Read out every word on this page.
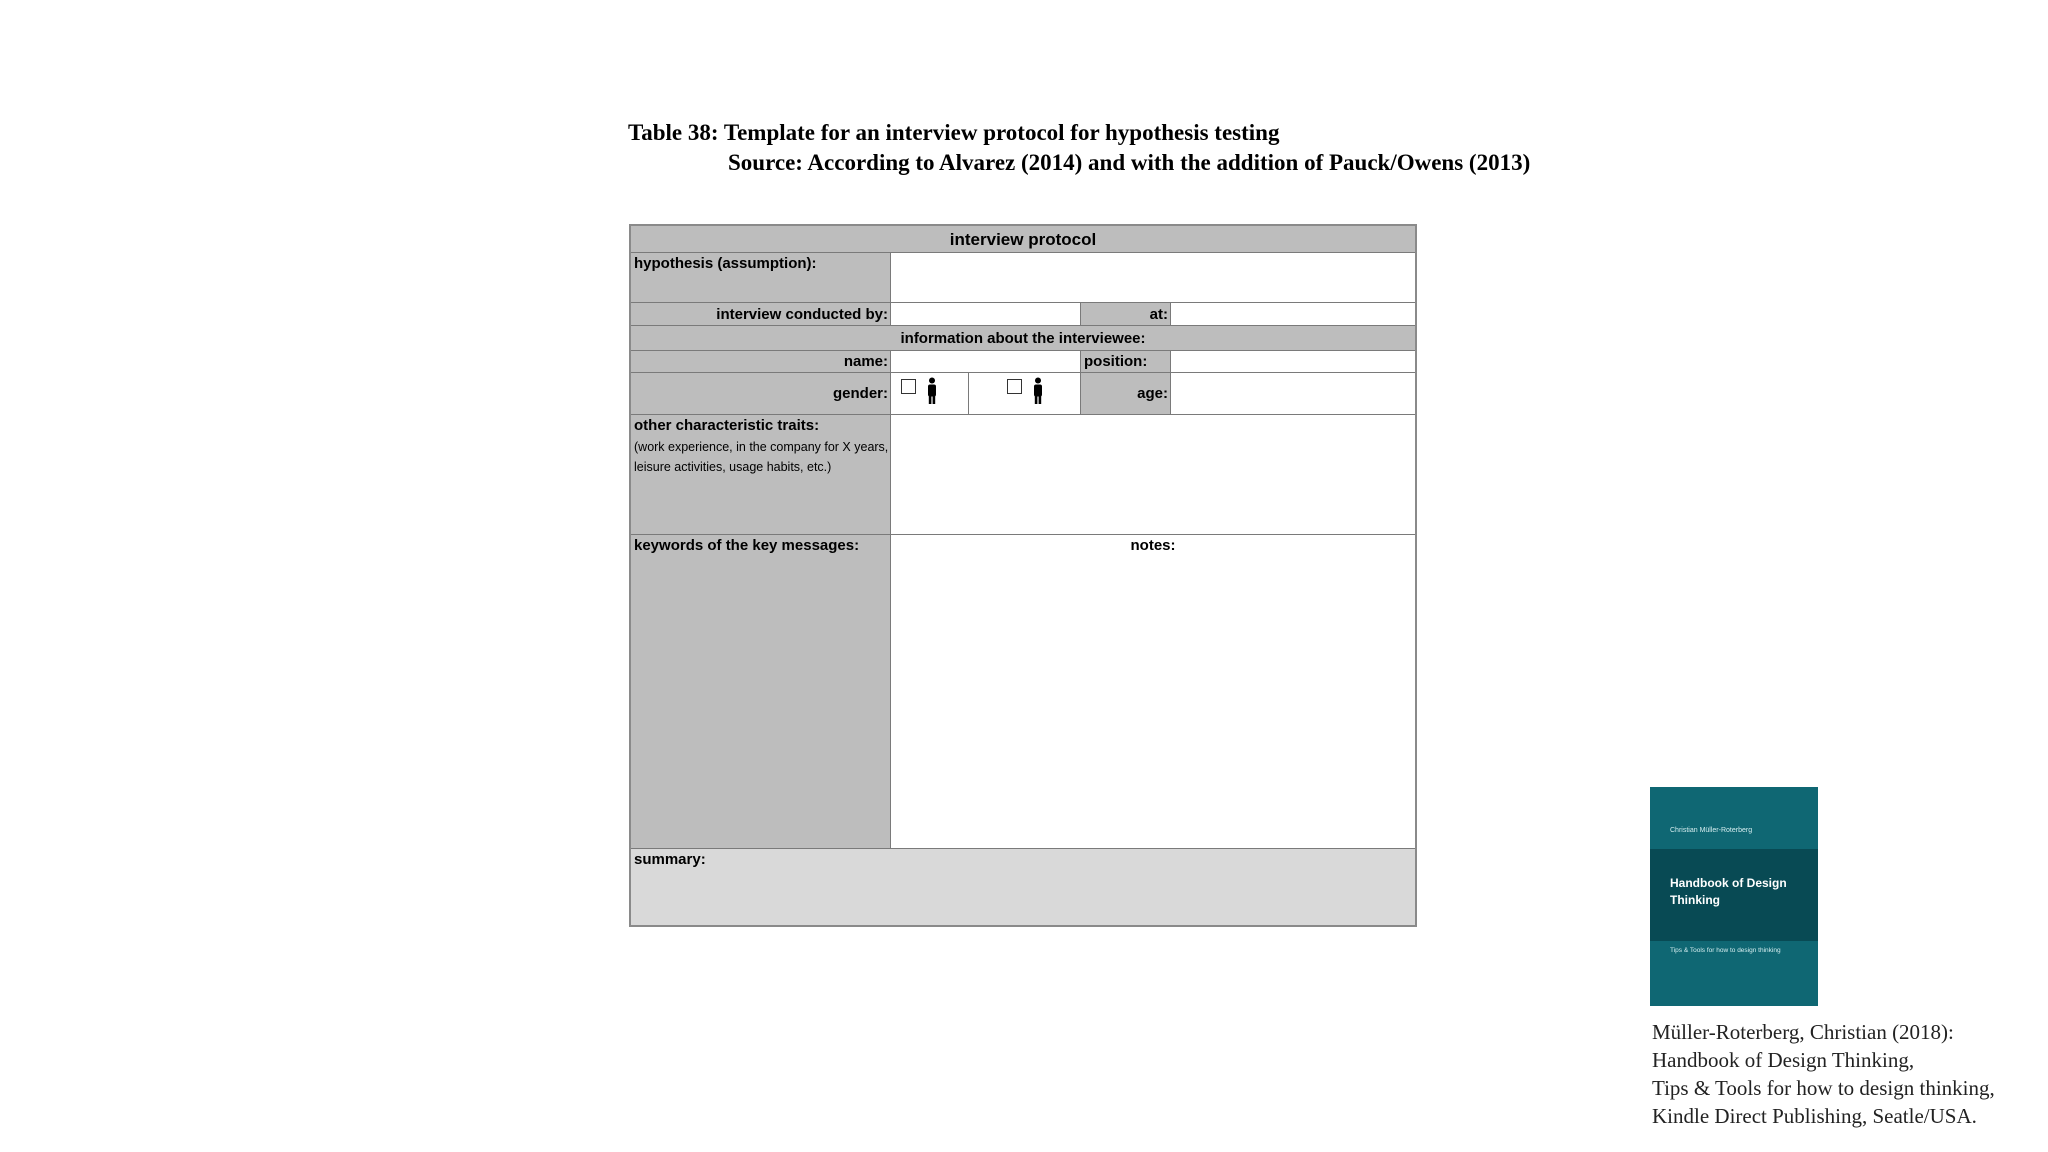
Table 38: Template for an interview protocol for hypothesis testing
Source: According to Alvarez (2014) and with the addition of Pauck/Owens (2013)
interview protocol
hypothesis (assumption):
interview conducted by:	at:
information about the interviewee:
name:	position:
gender:	age:
other characteristic traits:
(work experience, in the company for X years, leisure activities, usage habits, etc.)
keywords of the key messages:	notes:
summary:
Christian Müller-Roterberg
Handbook of Design Thinking
Tips & Tools for how to design thinking
Müller-Roterberg, Christian (2018):
Handbook of Design Thinking,
Tips & Tools for how to design thinking,
Kindle Direct Publishing, Seatle/USA.
